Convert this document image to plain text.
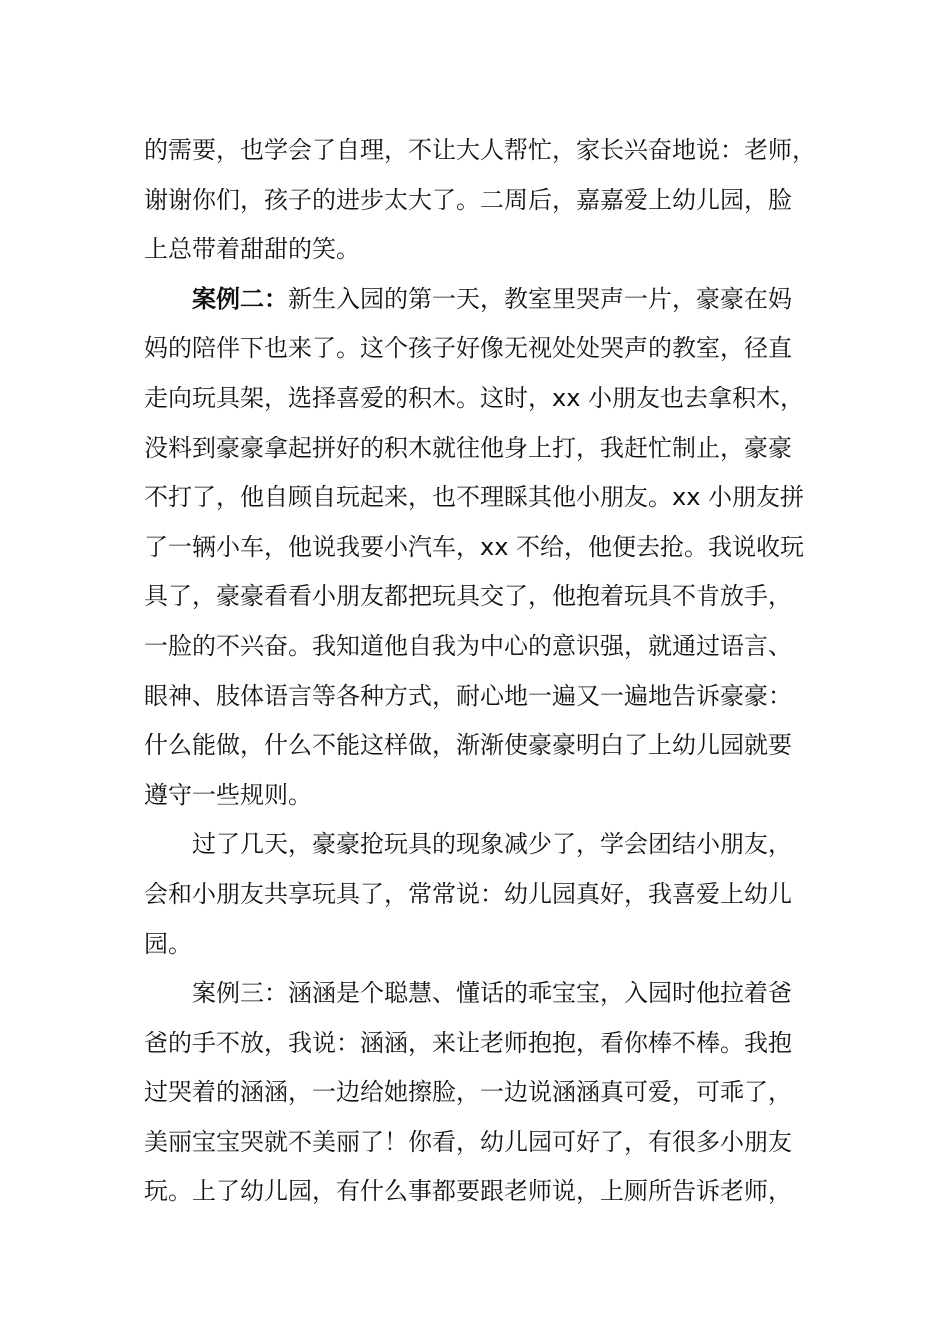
的需要，也学会了自理，不让大人帮忙，家长兴奋地说：老师，
谢谢你们，孩子的进步太大了。二周后，嘉嘉爱上幼儿园，脸
上总带着甜甜的笑。
案例二：新生入园的第一天，教室里哭声一片，豪豪在妈
妈的陪伴下也来了。这个孩子好像无视处处哭声的教室，径直
走向玩具架，选择喜爱的积木。这时，xx 小朋友也去拿积木，
没料到豪豪拿起拼好的积木就往他身上打，我赶忙制止，豪豪
不打了，他自顾自玩起来，也不理睬其他小朋友。xx 小朋友拼
了一辆小车，他说我要小汽车，xx 不给，他便去抢。我说收玩
具了，豪豪看看小朋友都把玩具交了，他抱着玩具不肯放手，
一脸的不兴奋。我知道他自我为中心的意识强，就通过语言、
眼神、肢体语言等各种方式，耐心地一遍又一遍地告诉豪豪：
什么能做，什么不能这样做，渐渐使豪豪明白了上幼儿园就要
遵守一些规则。
过了几天，豪豪抢玩具的现象减少了，学会团结小朋友，
会和小朋友共享玩具了，常常说：幼儿园真好，我喜爱上幼儿
园。
案例三：涵涵是个聪慧、懂话的乖宝宝，入园时他拉着爸
爸的手不放，我说：涵涵，来让老师抱抱，看你棒不棒。我抱
过哭着的涵涵，一边给她擦脸，一边说涵涵真可爱，可乖了，
美丽宝宝哭就不美丽了！你看，幼儿园可好了，有很多小朋友
玩。上了幼儿园，有什么事都要跟老师说，上厕所告诉老师，
